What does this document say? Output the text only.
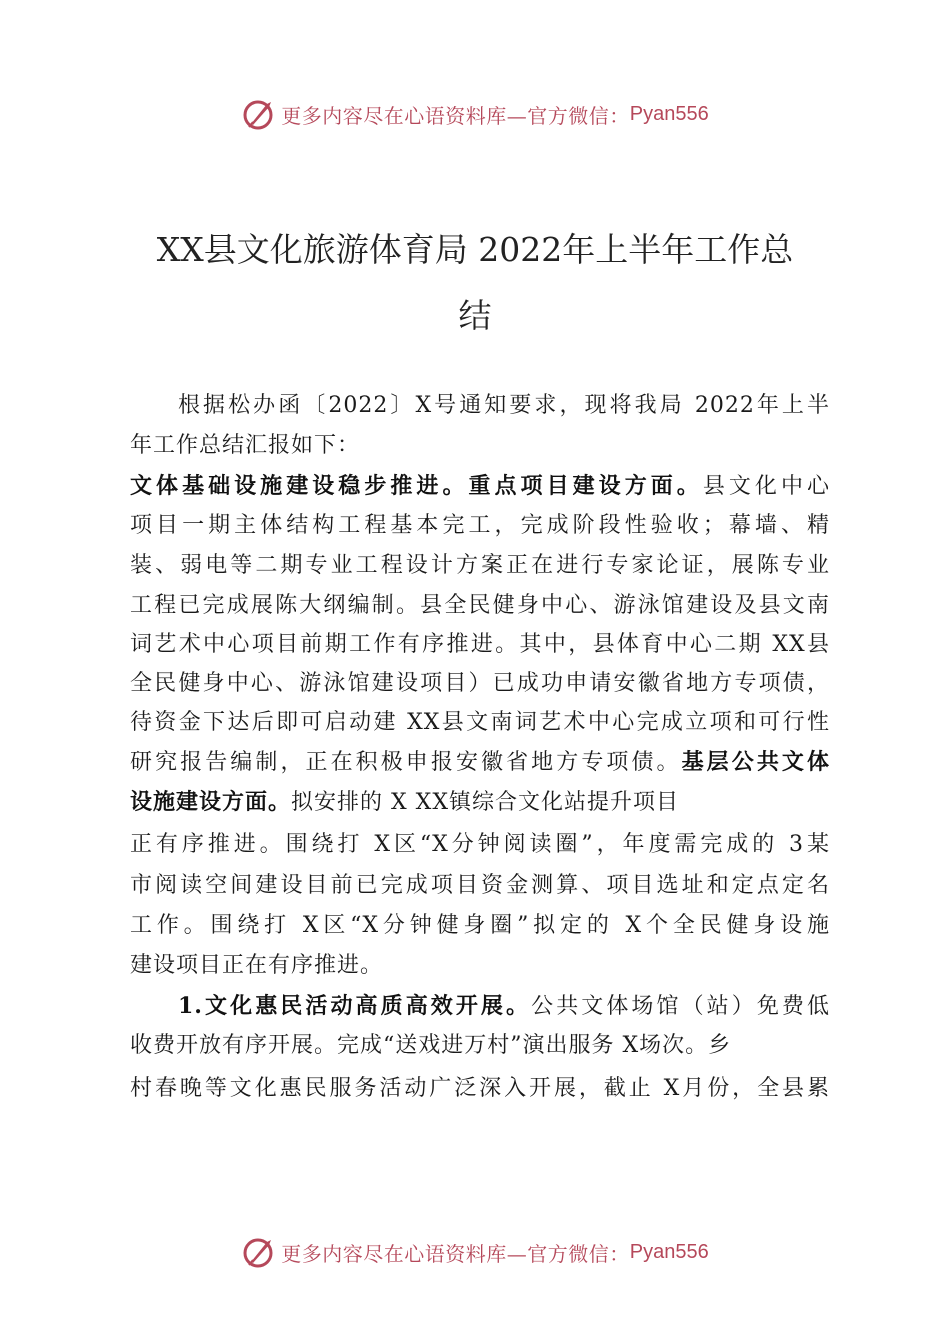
更多内容尽在心语资料库—官方微信： Pyan556
XX县文化旅游体育局 2022年上半年工作总
结
根据松办函〔2022〕X号通知要求，现将我局 2022年上半
年工作总结汇报如下：
文体基础设施建设稳步推进。重点项目建设方面。县文化中心
项目一期主体结构工程基本完工，完成阶段性验收；幕墙、精
装、弱电等二期专业工程设计方案正在进行专家论证，展陈专业
工程已完成展陈大纲编制。县全民健身中心、游泳馆建设及县文南
词艺术中心项目前期工作有序推进。其中，县体育中心二期 XX县
全民健身中心、游泳馆建设项目）已成功申请安徽省地方专项债，
待资金下达后即可启动建 XX县文南词艺术中心完成立项和可行性
研究报告编制，正在积极申报安徽省地方专项债。基层公共文体
设施建设方面。拟安排的 X XX镇综合文化站提升项目
正有序推进。围绕打 X区“X分钟阅读圈”，年度需完成的 3某
市阅读空间建设目前已完成项目资金测算、项目选址和定点定名
工作。围绕打 X区“X分钟健身圈”拟定的 X个全民健身设施
建设项目正在有序推进。
1.文化惠民活动高质高效开展。公共文体场馆（站）免费低
收费开放有序开展。完成“送戏进万村”演出服务 X场次。乡
村春晚等文化惠民服务活动广泛深入开展，截止 X月份，全县累
更多内容尽在心语资料库—官方微信： Pyan556
